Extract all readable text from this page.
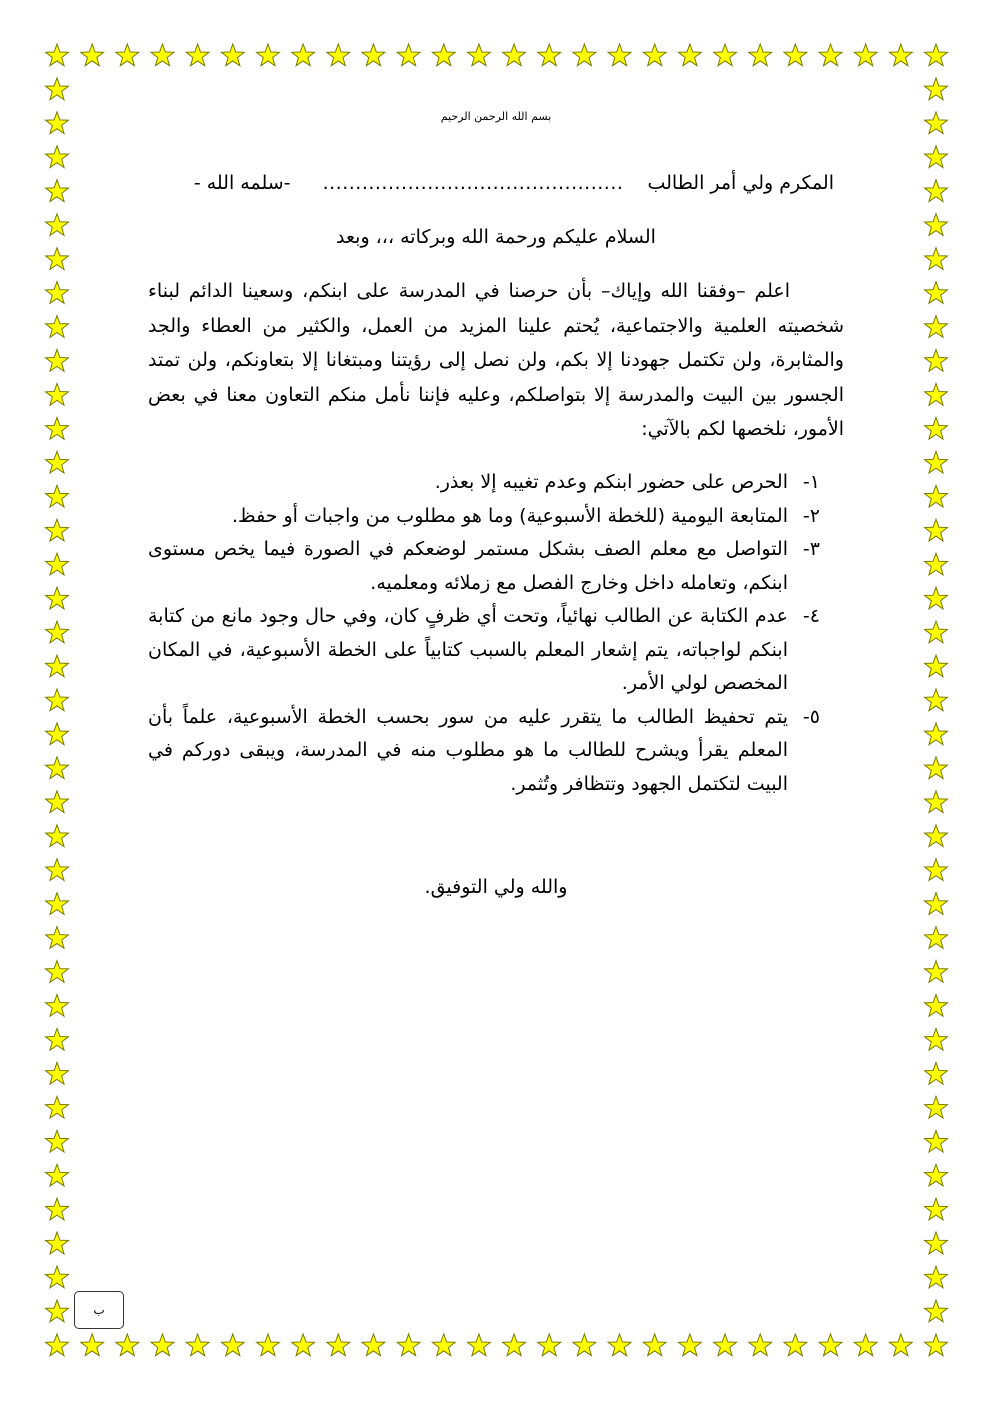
بسم الله الرحمن الرحيم
المكرم ولي أمر الطالب .............................................. -سلمه الله -
السلام عليكم ورحمة الله وبركاته ،،، وبعد

اعلم –وفقنا الله وإياك– بأن حرصنا في المدرسة على ابنكم، وسعينا الدائم لبناء شخصيته العلمية والاجتماعية، يُحتم علينا المزيد من العمل، والكثير من العطاء والجد والمثابرة، ولن تكتمل جهودنا إلا بكم، ولن نصل إلى رؤيتنا ومبتغانا إلا بتعاونكم، ولن تمتد الجسور بين البيت والمدرسة إلا بتواصلكم، وعليه فإننا نأمل منكم التعاون معنا في بعض الأمور، نلخصها لكم بالآتي:

١-
الحرص على حضور ابنكم وعدم تغيبه إلا بعذر.
٢-
المتابعة اليومية (للخطة الأسبوعية) وما هو مطلوب من واجبات أو حفظ.
٣-
التواصل مع معلم الصف بشكل مستمر لوضعكم في الصورة فيما يخص مستوى ابنكم، وتعامله داخل وخارج الفصل مع زملائه ومعلميه.
٤-
عدم الكتابة عن الطالب نهائياً، وتحت أي ظرفٍ كان، وفي حال وجود مانع من كتابة ابنكم لواجباته، يتم إشعار المعلم بالسبب كتابياً على الخطة الأسبوعية، في المكان المخصص لولي الأمر.
٥-
يتم تحفيظ الطالب ما يتقرر عليه من سور بحسب الخطة الأسبوعية، علماً بأن المعلم يقرأ ويشرح للطالب ما هو مطلوب منه في المدرسة، ويبقى دوركم في البيت لتكتمل الجهود وتتظافر وتُثمر.
والله ولي التوفيق.
ب
